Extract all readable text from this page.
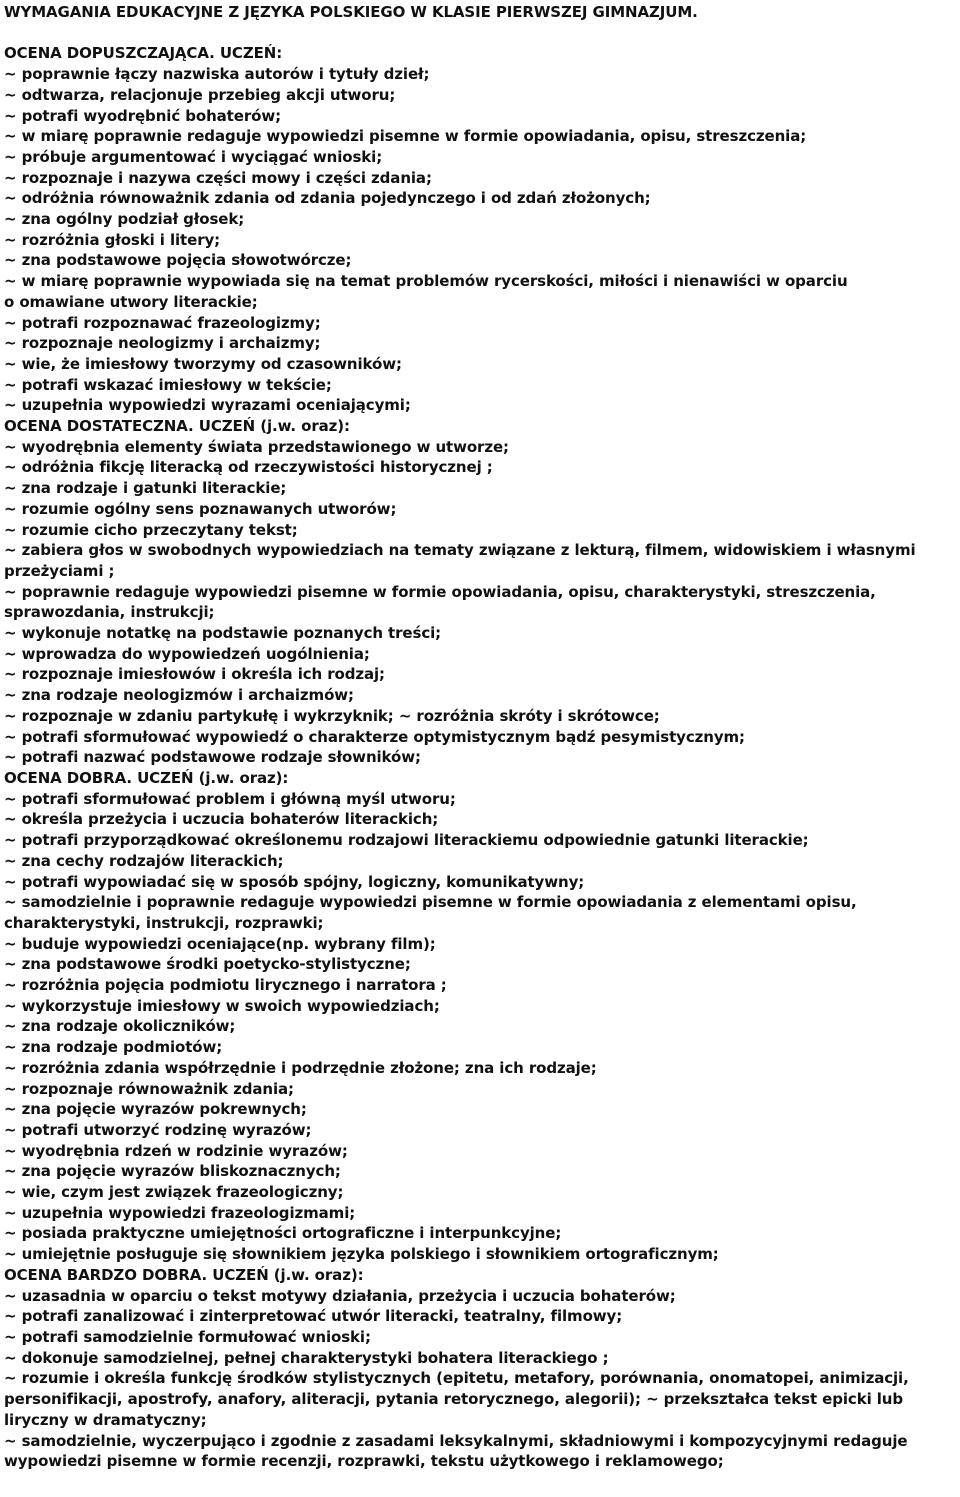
WYMAGANIA EDUKACYJNE Z JĘZYKA POLSKIEGO W KLASIE PIERWSZEJ GIMNAZJUM.
OCENA DOPUSZCZAJĄCA. UCZEŃ:
~ poprawnie łączy nazwiska autorów i tytuły dzieł;
~ odtwarza, relacjonuje przebieg akcji utworu;
~ potrafi wyodrębnić bohaterów;
~ w miarę poprawnie redaguje wypowiedzi pisemne w formie opowiadania, opisu, streszczenia;
~ próbuje argumentować i wyciągać wnioski;
~ rozpoznaje i nazywa części mowy i części zdania;
~ odróżnia równoważnik zdania od zdania pojedynczego i od zdań złożonych;
~ zna ogólny podział głosek;
~ rozróżnia głoski i litery;
~ zna podstawowe pojęcia słowotwórcze;
~ w miarę poprawnie wypowiada się na temat problemów rycerskości, miłości i nienawiści w oparciu
o omawiane utwory literackie;
~ potrafi rozpoznawać frazeologizmy;
~ rozpoznaje neologizmy i archaizmy;
~ wie, że imiesłowy tworzymy od czasowników;
~ potrafi wskazać imiesłowy w tekście;
~ uzupełnia wypowiedzi wyrazami oceniającymi;
OCENA DOSTATECZNA. UCZEŃ (j.w. oraz):
~ wyodrębnia elementy świata przedstawionego w utworze;
~ odróżnia fikcję literacką od rzeczywistości historycznej ;
~ zna rodzaje i gatunki literackie;
~ rozumie ogólny sens poznawanych utworów;
~ rozumie cicho przeczytany tekst;
~ zabiera głos w swobodnych wypowiedziach na tematy związane z lekturą, filmem, widowiskiem i własnymi przeżyciami ;
~ poprawnie redaguje wypowiedzi pisemne w formie opowiadania, opisu, charakterystyki, streszczenia, sprawozdania, instrukcji;
~ wykonuje notatkę na podstawie poznanych treści;
~ wprowadza do wypowiedzeń uogólnienia;
~ rozpoznaje imiesłowów i określa ich rodzaj;
~ zna rodzaje neologizmów i archaizmów;
~ rozpoznaje w zdaniu partykułę i wykrzyknik; ~ rozróżnia skróty i skrótowce;
~ potrafi sformułować wypowiedź o charakterze optymistycznym bądź pesymistycznym;
~ potrafi nazwać podstawowe rodzaje słowników;
OCENA DOBRA. UCZEŃ (j.w. oraz):
~ potrafi sformułować problem i główną myśl utworu;
~ określa przeżycia i uczucia bohaterów literackich;
~ potrafi przyporządkować określonemu rodzajowi literackiemu odpowiednie gatunki literackie;
~ zna cechy rodzajów literackich;
~ potrafi wypowiadać się w sposób spójny, logiczny, komunikatywny;
~ samodzielnie i poprawnie redaguje wypowiedzi pisemne w formie opowiadania z elementami opisu, charakterystyki, instrukcji, rozprawki;
~ buduje wypowiedzi oceniające(np. wybrany film);
~ zna podstawowe środki poetycko-stylistyczne;
~ rozróżnia pojęcia podmiotu lirycznego i narratora ;
~ wykorzystuje imiesłowy w swoich wypowiedziach;
~ zna rodzaje okoliczników;
~ zna rodzaje podmiotów;
~ rozróżnia zdania współrzędnie i podrzędnie złożone; zna ich rodzaje;
~ rozpoznaje równoważnik zdania;
~ zna pojęcie wyrazów pokrewnych;
~ potrafi utworzyć rodzinę wyrazów;
~ wyodrębnia rdzeń w rodzinie wyrazów;
~ zna pojęcie wyrazów bliskoznacznych;
~ wie, czym jest związek frazeologiczny;
~ uzupełnia wypowiedzi frazeologizmami;
~ posiada praktyczne umiejętności ortograficzne i interpunkcyjne;
~ umiejętnie posługuje się słownikiem języka polskiego i słownikiem ortograficznym;
OCENA BARDZO DOBRA. UCZEŃ (j.w. oraz):
~ uzasadnia w oparciu o tekst motywy działania, przeżycia i uczucia bohaterów;
~ potrafi zanalizować i zinterpretować utwór literacki, teatralny, filmowy;
~ potrafi samodzielnie formułować wnioski;
~ dokonuje samodzielnej, pełnej charakterystyki bohatera literackiego ;
~ rozumie i określa funkcję środków stylistycznych (epitetu, metafory, porównania, onomatopei, animizacji, personifikacji, apostrofy, anafory, aliteracji, pytania retorycznego, alegorii); ~ przekształca tekst epicki lub liryczny w dramatyczny;
~ samodzielnie, wyczerpująco i zgodnie z zasadami leksykalnymi, składniowymi i kompozycyjnymi redaguje wypowiedzi pisemne w formie recenzji, rozprawki, tekstu użytkowego i reklamowego;
